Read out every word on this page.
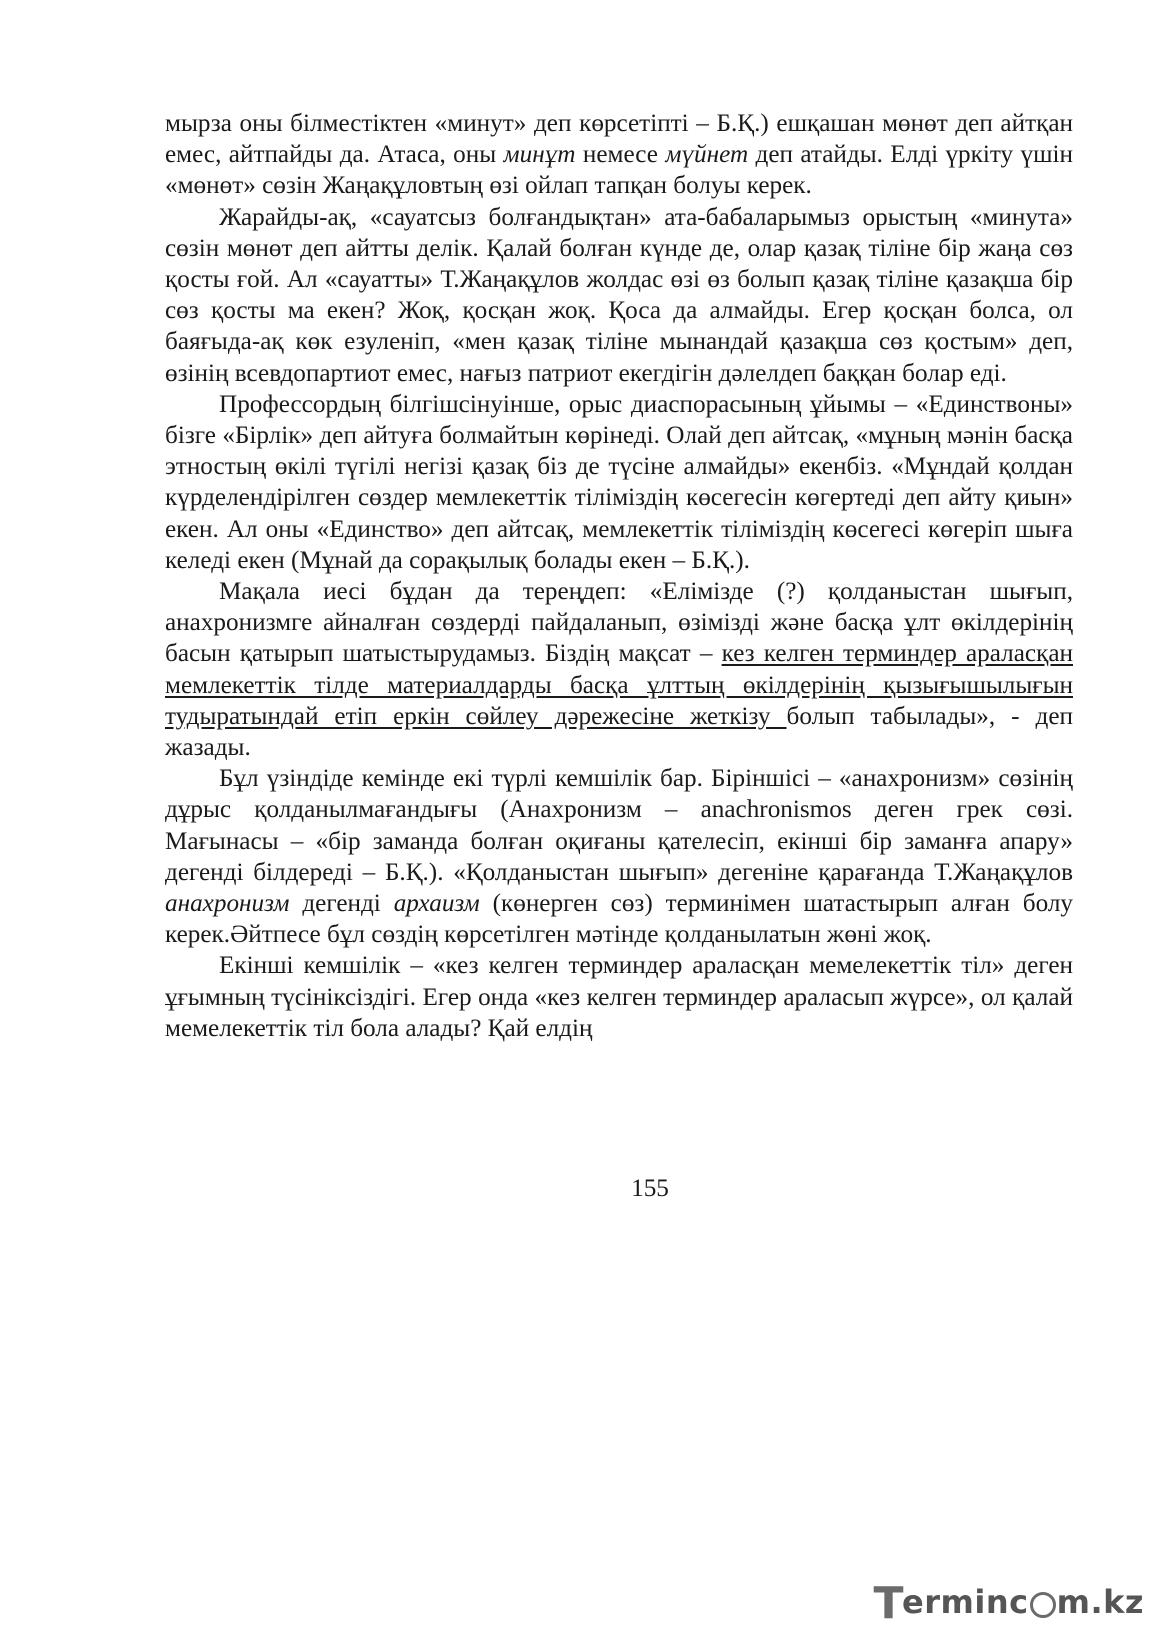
мырза оны білместіктен «минут» деп көрсетіпті – Б.Қ.) ешқашан мөнөт деп айтқан емес, айтпайды да. Атаса, оны минұт немесе мүйнет деп атайды. Елді үркіту үшін «мөнөт» сөзін Жаңақұловтың өзі ойлап тапқан болуы керек.

Жарайды-ақ, «сауатсыз болғандықтан» ата-бабаларымыз орыстың «минута» сөзін мөнөт деп айтты делік. Қалай болған күнде де, олар қазақ тіліне бір жаңа сөз қосты ғой. Ал «сауатты» Т.Жаңақұлов жолдас өзі өз болып қазақ тіліне қазақша бір сөз қосты ма екен? Жоқ, қосқан жоқ. Қоса да алмайды. Егер қосқан болса, ол баяғыда-ақ көк езуленіп, «мен қазақ тіліне мынандай қазақша сөз қостым» деп, өзінің всевдопартиот емес, нағыз патриот екегдігін дәлелдеп баққан болар еді.

Профессордың білгішсінуінше, орыс диаспорасының ұйымы – «Единствоны» бізге «Бірлік» деп айтуға болмайтын көрінеді. Олай деп айтсақ, «мұның мәнін басқа этностың өкілі түгілі негізі қазақ біз де түсіне алмайды» екенбіз. «Мұндай қолдан күрделендірілген сөздер мемлекеттік тіліміздің көсегесін көгертеді деп айту қиын» екен. Ал оны «Единство» деп айтсақ, мемлекеттік тіліміздің көсегесі көгеріп шыға келеді екен (Мұнай да сорақылық болады екен – Б.Қ.).

Мақала иесі бұдан да тереңдеп: «Елімізде (?) қолданыстан шығып, анахронизмге айналған сөздерді пайдаланып, өзімізді және басқа ұлт өкілдерінің басын қатырып шатыстырудамыз. Біздің мақсат – кез келген терминдер араласқан мемлекеттік тілде материалдарды басқа ұлттың өкілдерінің қызығышылығын тудыратындай етіп еркін сөйлеу дәрежесіне жеткізу болып табылады», - деп жазады.

Бұл үзіндіде кемінде екі түрлі кемшілік бар. Біріншісі – «анахронизм» сөзінің дұрыс қолданылмағандығы (Анахронизм – anachronismos деген грек сөзі. Мағынасы – «бір заманда болған оқиғаны қателесіп, екінші бір заманға апару» дегенді білдереді – Б.Қ.). «Қолданыстан шығып» дегеніне қарағанда Т.Жаңақұлов анахронизм дегенді архаизм (көнерген сөз) терминімен шатастырып алған болу керек.Әйтпесе бұл сөздің көрсетілген мәтінде қолданылатын жөні жоқ.

Екінші кемшілік – «кез келген терминдер араласқан мемелекеттік тіл» деген ұғымның түсініксіздігі. Егер онда «кез келген терминдер араласып жүрсе», ол қалай мемелекеттік тіл бола алады? Қай елдің

155
T
ermin c m.kz
